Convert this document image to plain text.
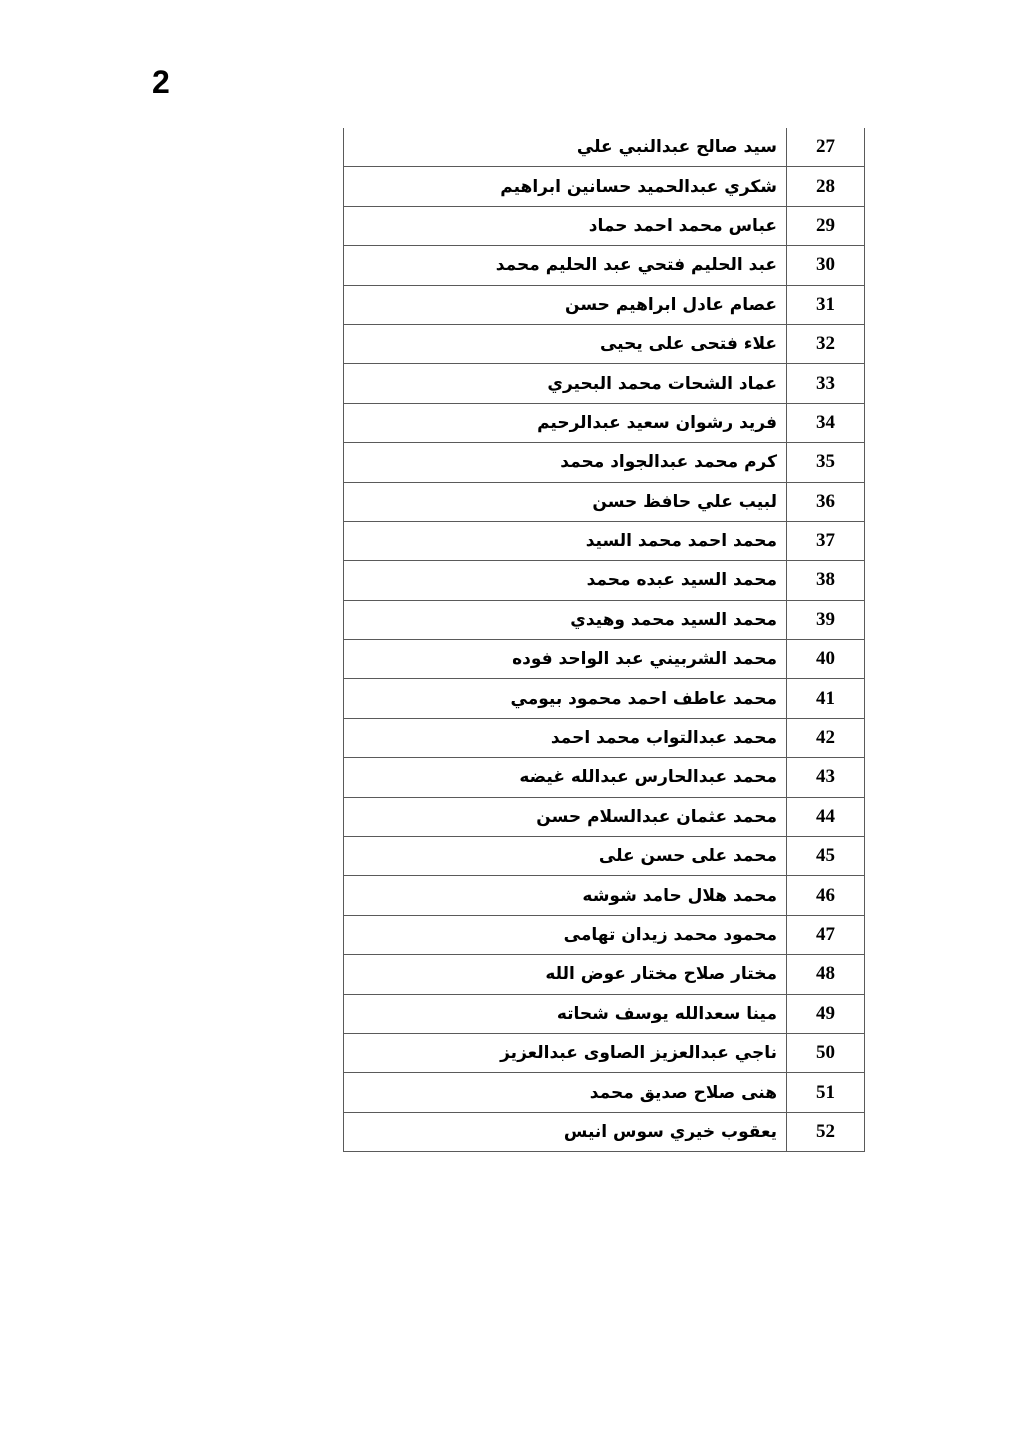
2
27	سيد صالح عبدالنبي علي
28	شكري عبدالحميد حسانين ابراهيم
29	عباس محمد احمد حماد
30	عبد الحليم فتحي عبد الحليم محمد
31	عصام عادل ابراهيم حسن
32	علاء فتحى على يحيى
33	عماد الشحات محمد البحيري
34	فريد رشوان سعيد عبدالرحيم
35	كرم محمد عبدالجواد محمد
36	لبيب علي حافظ حسن
37	محمد احمد محمد السيد
38	محمد السيد عبده محمد
39	محمد السيد محمد وهيدي
40	محمد الشربيني عبد الواحد فوده
41	محمد عاطف احمد محمود بيومي
42	محمد عبدالتواب محمد احمد
43	محمد عبدالحارس عبدالله غيضه
44	محمد عثمان عبدالسلام حسن
45	محمد على حسن على
46	محمد هلال حامد شوشه
47	محمود محمد زيدان تهامى
48	مختار صلاح مختار عوض الله
49	مينا سعدالله يوسف شحاته
50	ناجي عبدالعزيز الصاوى عبدالعزيز
51	هنى صلاح صديق محمد
52	يعقوب خيري سوس انيس
